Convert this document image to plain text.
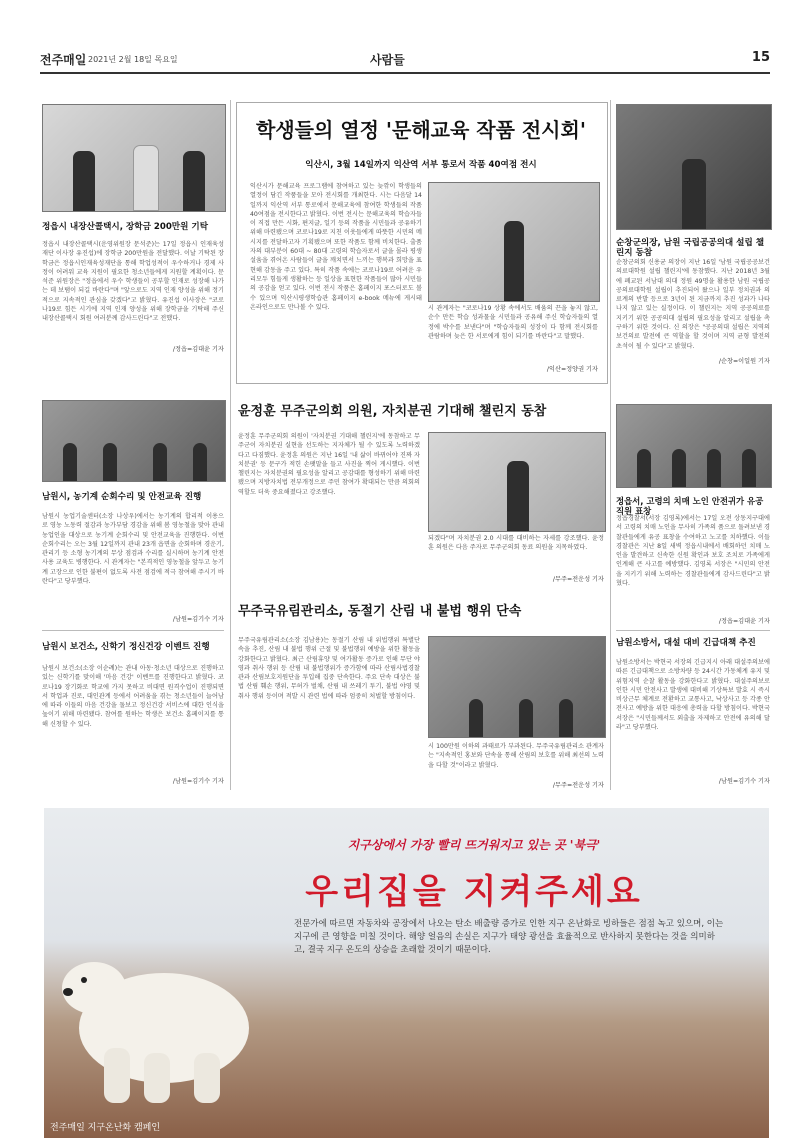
전주매일 2021년 2월 18일 목요일	사람들	15
정읍시 내장산콜택시, 장학금 200만원 기탁
정읍시 내장산콜택시(운영위원장 문석준)는 17일 정읍시 인재육성재단 이사장 유진섭)에 장학금 200만원을 전달했다. 이날 기탁된 장학금은 정읍시인재육성재단을 통해 학업성적이 우수하거나 경제 사정이 어려워 교육 지원이 필요한 청소년들에게 지원할 계획이다. 문석준 위원장은 "정읍에서 우수 학생들이 공부할 인재로 성장해 나가는 데 보탬이 되길 바란다"며 "앞으로도 지역 인재 양성을 위해 정기적으로 지속적인 관심을 갖겠다"고 밝혔다. 유진섭 이사장은 "코로나19로 힘든 시기에 지역 인재 양성을 위해 장학금을 기탁해 주신 내장산콜택시 회원 여러분께 감사드린다"고 전했다.
/정읍=김대윤 기자
남원시, 농기계 순회수리 및 안전교육 진행
남원시 농업기술센터(소장 나상우)에서는 농기계의 합리적 이용으로 영농 노동력 절감과 농가부담 경감을 위해 봄 영농철을 맞아 관내 농업인을 대상으로 농기계 순회수리 및 안전교육을 진행한다. 이번 순회수리는 오는 3월 12일까지 관내 23개 읍면을 순회하며 경운기, 관리기 등 소형 농기계의 무상 점검과 수리를 실시하며 농기계 안전사용 교육도 병행한다. 시 관계자는 "본격적인 영농철을 앞두고 농기계 고장으로 인한 불편이 없도록 사전 점검에 적극 참여해 주시기 바란다"고 당부했다.
/남원=김기수 기자
남원시 보건소, 신학기 정신건강 이벤트 진행
남원시 보건소(소장 이순례)는 관내 아동·청소년 대상으로 진행하고 있는 신학기를 맞이해 '마음 건강' 이벤트를 진행한다고 밝혔다. 코로나19 장기화로 학교에 가지 못하고 비대면 원격수업이 진행되면서 학업과 진로, 대인관계 등에서 어려움을 겪는 청소년들이 늘어남에 따라 이들의 마음 건강을 돌보고 정신건강 서비스에 대한 인식을 높이기 위해 마련됐다. 참여를 원하는 학생은 보건소 홈페이지를 통해 신청할 수 있다.
/남원=김기수 기자
학생들의 열정 '문해교육 작품 전시회'
익산시, 3월 14일까지 익산역 서부 통로서 작품 40여점 전시
익산시가 문해교육 프로그램에 참여하고 있는 늦깎이 학생들의 열정이 담긴 작품들을 모아 전시회를 개최한다. 시는 다음달 14일까지 익산역 서부 통로에서 문해교육에 참여한 학생들의 작품 40여점을 전시한다고 밝혔다. 이번 전시는 문해교육의 학습자들이 직접 만든 시화, 편지글, 일기 등의 작품을 시민들과 공유하기 위해 마련됐으며 코로나19로 지친 이웃들에게 따뜻한 시민의 메시지를 전달하고자 기획됐으며 또한 작품도 함께 비치한다. 출품자의 대부분이 60대 ~ 80대 고령의 학습자로서 글을 몰라 평생 설움을 겪어온 사람들이 글을 깨치면서 느끼는 행복과 희망을 표현해 감동을 주고 있다. 특히 작품 속에는 코로나19로 어려운 우리모두 힘들게 생활하는 등 일상을 표현한 작품들이 많아 시민들의 공감을 얻고 있다. 이번 전시 작품은 홈페이지 포스터로도 볼 수 있으며 익산시평생학습관 홈페이지 e-book 메뉴에 게시돼 온라인으로도 만나볼 수 있다.	시 관계자는 "코로나19 상황 속에서도 배움의 끈을 놓지 않고, 순수 만든 학습 성과물을 시민들과 공유해 주신 학습자들의 열정에 박수를 보낸다"며 "학습자들의 성장이 다 함께 전시회를 관람하며 늦은 한 서로에게 힘이 되기를 바란다"고 말했다.
/익산=정양권 기자
윤정훈 무주군의회 의원, 자치분권 기대해 챌린지 동참
윤정훈 무주군의회 의원이 '자치분권 기대해 챌린지'에 동참하고 무주군이 자치분권 실현을 선도하는 지자체가 될 수 있도록 노력하겠다고 다짐했다. 윤정훈 의원은 지난 16일 '내 삶이 바뀌어야 진짜 자치분권' 등 문구가 적힌 손팻말을 들고 사진을 찍어 게시했다. 이번 챌린지는 자치분권의 필요성을 알리고 공감대를 형성하기 위해 마련됐으며 지방자치법 전부개정으로 주민 참여가 확대되는 만큼 의회의 역할도 더욱 중요해졌다고 강조했다.
되겠다"며 자치분권 2.0 시대를 대비하는 자세를 강조했다. 윤정훈 의원은 다음 주자로 무주군의회 동료 의원을 지목하였다.
/무주=전운성 기자
무주국유림관리소, 동절기 산림 내 불법 행위 단속
무주국유림관리소(소장 김남용)는 동절기 산림 내 위법행위 특별단속을 추진, 산림 내 불법 행위 근절 및 불법행위 예방을 위한 활동을 강화한다고 밝혔다. 최근 산림휴양 및 여가활동 증가로 인해 무단 야영과 취사 행위 등 산림 내 불법행위가 증가함에 따라 산림사법경찰관과 산림보호지원단을 투입해 집중 단속한다. 주요 단속 대상은 불법 산림 훼손 행위, 무허가 벌채, 산림 내 쓰레기 투기, 불법 야영 및 취사 행위 등이며 적발 시 관련 법에 따라 엄중히 처벌할 방침이다.
시 100만원 이하의 과태료가 부과된다. 무주국유림관리소 관계자는 "지속적인 홍보와 단속을 통해 산림의 보호를 위해 최선의 노력을 다할 것"이라고 밝혔다.
/무주=전운성 기자
순창군의장, 남원 국립공공의대 설립 챌린지 동참
순창군의회 신용균 의장이 지난 16일 '남원 국립공공보건의료대학원 설립 챌린지'에 동참했다. 지난 2018년 3월에 폐교된 서남대 의대 정원 49명을 활용한 남원 국립공공의료대학원 설립이 추진되어 왔으나 일부 정치권과 의료계의 반발 등으로 3년이 된 지금까지 추진 성과가 나타나지 않고 있는 실정이다. 이 챌린지는 지역 공공의료를 지키기 위한 공공의대 설립의 필요성을 알리고 설립을 촉구하기 위한 것이다. 신 의장은 "공공의대 설립은 지역의 보건의료 발전에 큰 역할을 할 것이며 지역 균형 발전의 초석이 될 수 있다"고 밝혔다.
/순창=이일원 기자
정읍서, 고령의 치매 노인 안전귀가 유공 직원 표창
정읍경찰서(서장 김영록)에서는 17일 오전 상동지구대에서 고령의 치매 노인을 무사히 가족의 품으로 돌려보낸 경찰관들에게 유공 표창을 수여하고 노고를 치하했다. 이들 경찰관은 지난 8일 새벽 정읍시내에서 배회하던 치매 노인을 발견하고 신속한 신원 확인과 보호 조치로 가족에게 인계해 큰 사고를 예방했다. 김영록 서장은 "시민의 안전을 지키기 위해 노력하는 경찰관들에게 감사드린다"고 밝혔다.
/정읍=김대윤 기자
남원소방서, 대설 대비 긴급대책 추진
남원소방서는 박현국 서장의 긴급지시 아래 대설주의보에 따른 긴급대책으로 소방차량 등 24시간 가동체계 유지 및 위험지역 순찰 활동을 강화한다고 밝혔다. 대설주의보로 인한 시민 안전사고 발생에 대비해 기상특보 발효 시 즉시 비상근무 체계로 전환하고 교통사고, 낙상사고 등 각종 안전사고 예방을 위한 대응에 총력을 다할 방침이다. 박현국 서장은 "시민들께서도 외출을 자제하고 안전에 유의해 달라"고 당부했다.
/남원=김기수 기자
지구상에서 가장 빨리 뜨거워지고 있는 곳 '북극'
우리집을 지켜주세요
전문가에 따르면 자동차와 공장에서 나오는 탄소 배출량 증가로 인한 지구 온난화로 빙하들은 점점 녹고 있으며, 이는 지구에 큰 영향을 미칠 것이다. 해양 얼음의 손실은 지구가 태양 광선을 효율적으로 반사하지 못한다는 것을 의미하고, 결국 지구 온도의 상승을 초래할 것이기 때문이다.
전주매일 지구온난화 캠페인
